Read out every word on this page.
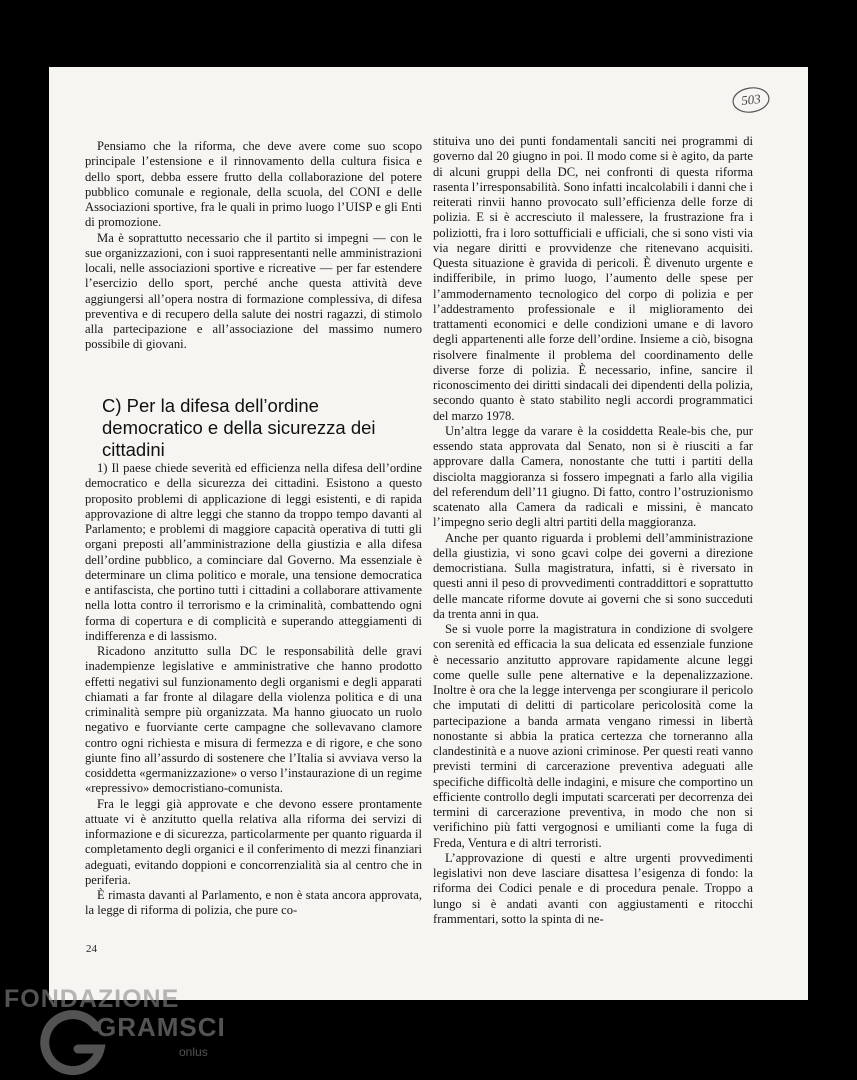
503

Pensiamo che la riforma, che deve avere come suo scopo principale l’estensione e il rinnovamento della cultura fisica e dello sport, debba essere frutto della collaborazione del potere pubblico comunale e regionale, della scuola, del CONI e delle Associazioni sportive, fra le quali in primo luogo l’UISP e gli Enti di promozione.

Ma è soprattutto necessario che il partito si impegni — con le sue organizzazioni, con i suoi rappresentanti nelle amministrazioni locali, nelle associazioni sportive e ricreative — per far estendere l’esercizio dello sport, perché anche questa attività deve aggiungersi all’opera nostra di formazione complessiva, di difesa preventiva e di recupero della salute dei nostri ragazzi, di stimolo alla partecipazione e all’associazione del massimo numero possibile di giovani.

C) Per la difesa dell’ordine democratico e della sicurezza dei cittadini

1) Il paese chiede severità ed efficienza nella difesa dell’ordine democratico e della sicurezza dei cittadini. Esistono a questo proposito problemi di applicazione di leggi esistenti, e di rapida approvazione di altre leggi che stanno da troppo tempo davanti al Parlamento; e problemi di maggiore capacità operativa di tutti gli organi preposti all’amministrazione della giustizia e alla difesa dell’ordine pubblico, a cominciare dal Governo. Ma essenziale è determinare un clima politico e morale, una tensione democratica e antifascista, che portino tutti i cittadini a collaborare attivamente nella lotta contro il terrorismo e la criminalità, combattendo ogni forma di copertura e di complicità e superando atteggiamenti di indifferenza e di lassismo.

Ricadono anzitutto sulla DC le responsabilità delle gravi inadempienze legislative e amministrative che hanno prodotto effetti negativi sul funzionamento degli organismi e degli apparati chiamati a far fronte al dilagare della violenza politica e di una criminalità sempre più organizzata. Ma hanno giuocato un ruolo negativo e fuorviante certe campagne che sollevavano clamore contro ogni richiesta e misura di fermezza e di rigore, e che sono giunte fino all’assurdo di sostenere che l’Italia si avviava verso la cosiddetta «germanizzazione» o verso l’instaurazione di un regime «repressivo» democristiano-comunista.

Fra le leggi già approvate e che devono essere prontamente attuate vi è anzitutto quella relativa alla riforma dei servizi di informazione e di sicurezza, particolarmente per quanto riguarda il completamento degli organici e il conferimento di mezzi finanziari adeguati, evitando doppioni e concorrenzialità sia al centro che in periferia.

È rimasta davanti al Parlamento, e non è stata ancora approvata, la legge di riforma di polizia, che pure co-

stituiva uno dei punti fondamentali sanciti nei programmi di governo dal 20 giugno in poi. Il modo come si è agito, da parte di alcuni gruppi della DC, nei confronti di questa riforma rasenta l’irresponsabilità. Sono infatti incalcolabili i danni che i reiterati rinvii hanno provocato sull’efficienza delle forze di polizia. E si è accresciuto il malessere, la frustrazione fra i poliziotti, fra i loro sottufficiali e ufficiali, che si sono visti via via negare diritti e provvidenze che ritenevano acquisiti. Questa situazione è gravida di pericoli. È divenuto urgente e indifferibile, in primo luogo, l’aumento delle spese per l’ammodernamento tecnologico del corpo di polizia e per l’addestramento professionale e il miglioramento dei trattamenti economici e delle condizioni umane e di lavoro degli appartenenti alle forze dell’ordine. Insieme a ciò, bisogna risolvere finalmente il problema del coordinamento delle diverse forze di polizia. È necessario, infine, sancire il riconoscimento dei diritti sindacali dei dipendenti della polizia, secondo quanto è stato stabilito negli accordi programmatici del marzo 1978.

Un’altra legge da varare è la cosiddetta Reale-bis che, pur essendo stata approvata dal Senato, non si è riusciti a far approvare dalla Camera, nonostante che tutti i partiti della disciolta maggioranza si fossero impegnati a farlo alla vigilia del referendum dell’11 giugno. Di fatto, contro l’ostruzionismo scatenato alla Camera da radicali e missini, è mancato l’impegno serio degli altri partiti della maggioranza.

Anche per quanto riguarda i problemi dell’amministrazione della giustizia, vi sono gcavi colpe dei governi a direzione democristiana. Sulla magistratura, infatti, si è riversato in questi anni il peso di provvedimenti contraddittori e soprattutto delle mancate riforme dovute ai governi che si sono succeduti da trenta anni in qua.

Se si vuole porre la magistratura in condizione di svolgere con serenità ed efficacia la sua delicata ed essenziale funzione è necessario anzitutto approvare rapidamente alcune leggi come quelle sulle pene alternative e la depenalizzazione. Inoltre è ora che la legge intervenga per scongiurare il pericolo che imputati di delitti di particolare pericolosità come la partecipazione a banda armata vengano rimessi in libertà nonostante si abbia la pratica certezza che torneranno alla clandestinità e a nuove azioni criminose. Per questi reati vanno previsti termini di carcerazione preventiva adeguati alle specifiche difficoltà delle indagini, e misure che comportino un efficiente controllo degli imputati scarcerati per decorrenza dei termini di carcerazione preventiva, in modo che non si verifichino più fatti vergognosi e umilianti come la fuga di Freda, Ventura e di altri terroristi.

L’approvazione di questi e altre urgenti provvedimenti legislativi non deve lasciare disattesa l’esigenza di fondo: la riforma dei Codici penale e di procedura penale. Troppo a lungo si è andati avanti con aggiustamenti e ritocchi frammentari, sotto la spinta di ne-

24
FONDAZIONE
GRAMSCI
onlus
